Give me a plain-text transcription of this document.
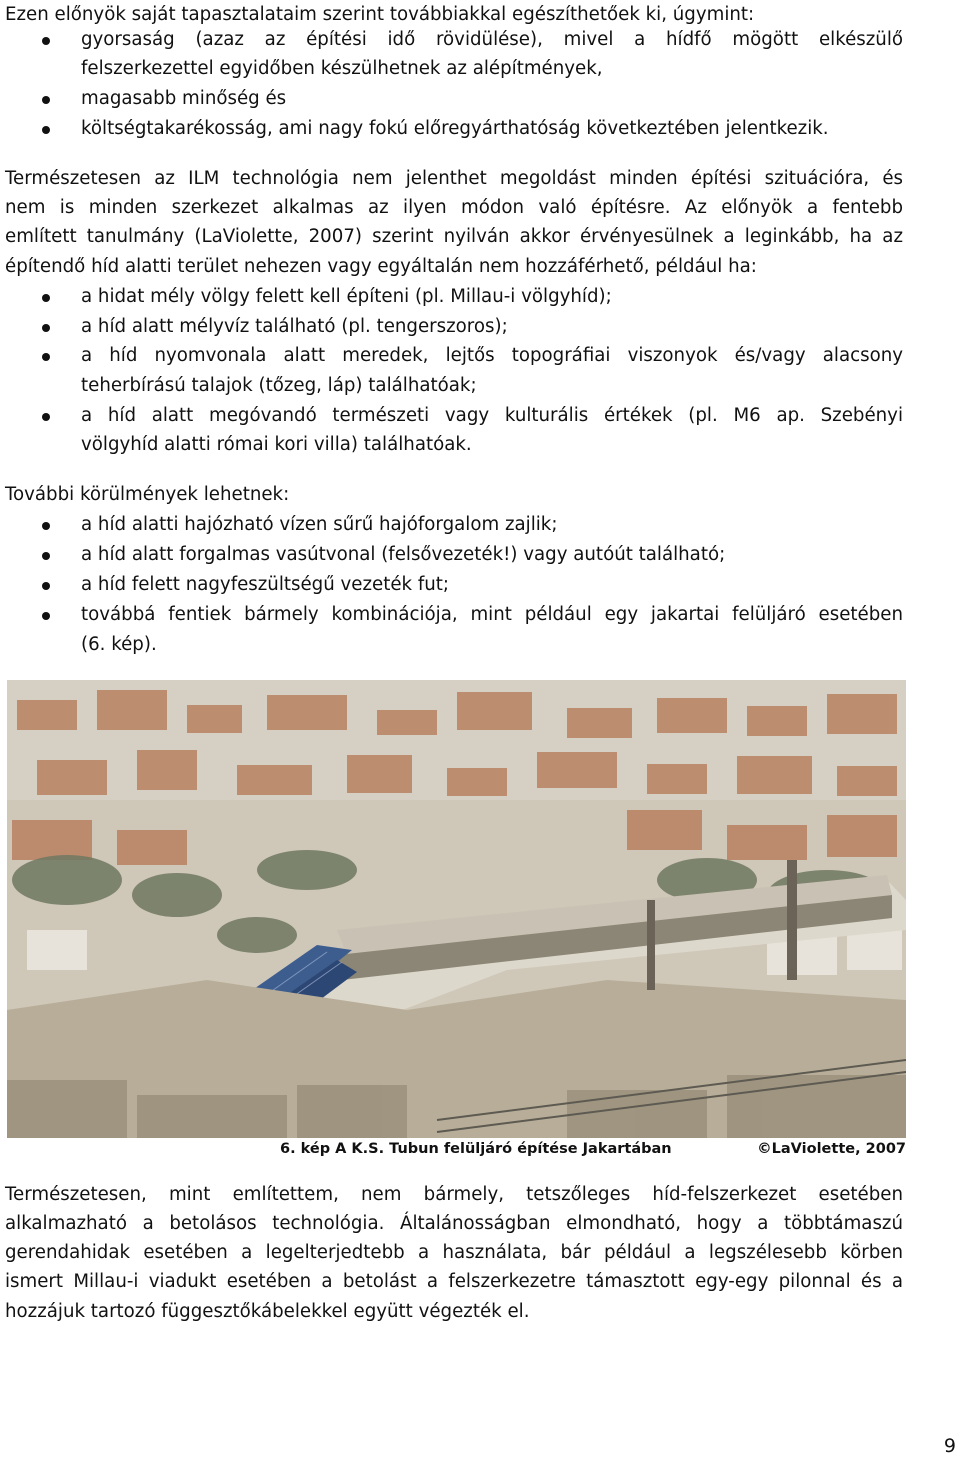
Ezen előnyök saját tapasztalataim szerint továbbiakkal egészíthetőek ki, úgymint:
gyorsaság (azaz az építési idő rövidülése), mivel a hídfő mögött elkészülő
felszerkezettel egyidőben készülhetnek az alépítmények,
magasabb minőség és
költségtakarékosság, ami nagy fokú előregyárthatóság következtében jelentkezik.
Természetesen az ILM technológia nem jelenthet megoldást minden építési szituációra, és
nem is minden szerkezet alkalmas az ilyen módon való építésre. Az előnyök a fentebb
említett tanulmány (LaViolette, 2007) szerint nyilván akkor érvényesülnek a leginkább, ha az
építendő híd alatti terület nehezen vagy egyáltalán nem hozzáférhető, például ha:
a hidat mély völgy felett kell építeni (pl. Millau-i völgyhíd);
a híd alatt mélyvíz található (pl. tengerszoros);
a híd nyomvonala alatt meredek, lejtős topográfiai viszonyok és/vagy alacsony
teherbírású talajok (tőzeg, láp) találhatóak;
a híd alatt megóvandó természeti vagy kulturális értékek (pl. M6 ap. Szebényi
völgyhíd alatti római kori villa) találhatóak.
További körülmények lehetnek:
a híd alatti hajózható vízen sűrű hajóforgalom zajlik;
a híd alatt forgalmas vasútvonal (felsővezeték!) vagy autóút található;
a híd felett nagyfeszültségű vezeték fut;
továbbá fentiek bármely kombinációja, mint például egy jakartai felüljáró esetében
(6. kép).
6. kép A K.S. Tubun felüljáró építése Jakartában	©LaViolette, 2007
Természetesen, mint említettem, nem bármely, tetszőleges híd-felszerkezet esetében
alkalmazható a betolásos technológia. Általánosságban elmondható, hogy a többtámaszú
gerendahidak esetében a legelterjedtebb a használata, bár például a legszélesebb körben
ismert Millau-i viadukt esetében a betolást a felszerkezetre támasztott egy-egy pilonnal és a
hozzájuk tartozó függesztőkábelekkel együtt végezték el.
9
